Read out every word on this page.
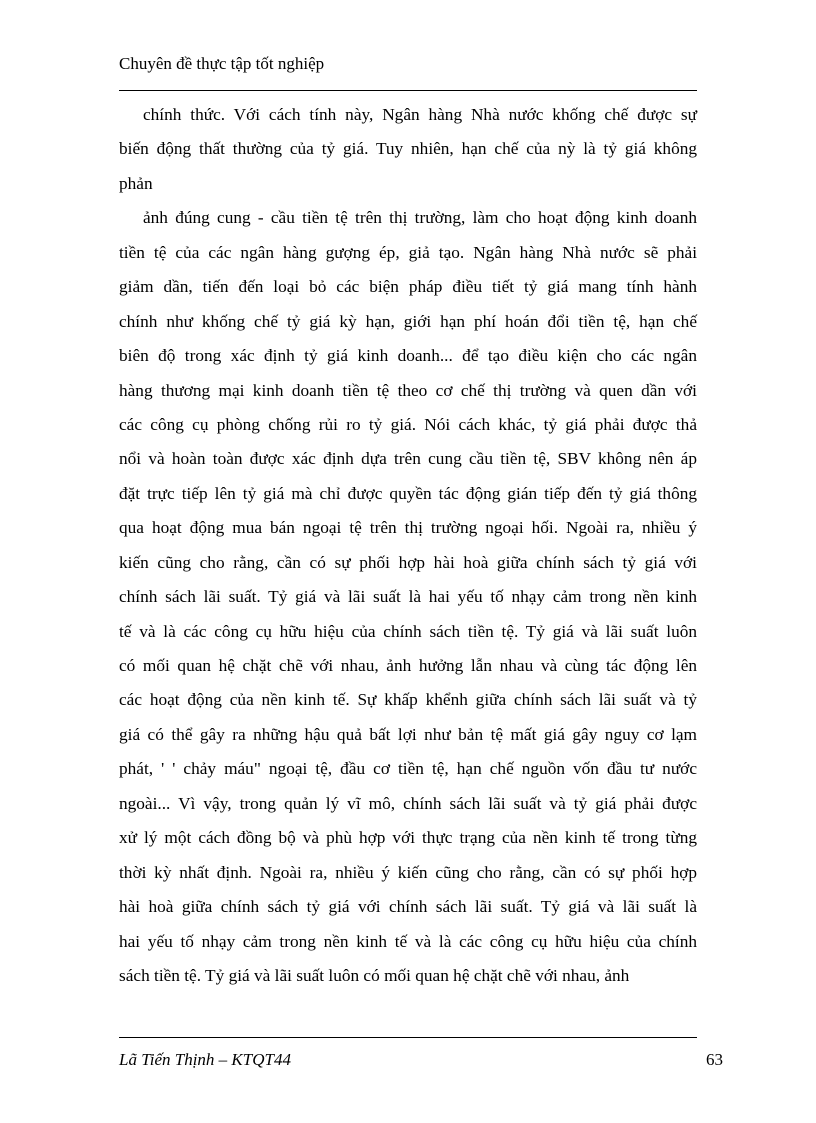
Chuyên đề thực tập tốt nghiệp
chính thức. Với cách tính này, Ngân hàng Nhà nước khống chế được sự
biến động thất thường của tỷ giá. Tuy nhiên, hạn chế của nỳ là tỷ giá không
phản
ảnh đúng cung - cầu tiền tệ trên thị trường, làm cho hoạt động kinh doanh
tiền tệ của các ngân hàng gượng ép, giả tạo. Ngân hàng Nhà nước sẽ phải
giảm dần, tiến đến loại bỏ các biện pháp điều tiết tỷ giá mang tính hành
chính như khống chế tỷ giá kỳ hạn, giới hạn phí hoán đổi tiền tệ, hạn chế
biên độ trong xác định tỷ giá kinh doanh... để tạo điều kiện cho các ngân
hàng thương mại kinh doanh tiền tệ theo cơ chế thị trường và quen dần với
các công cụ phòng chống rủi ro tỷ giá. Nói cách khác, tỷ giá phải được thả
nổi và hoàn toàn được xác định dựa trên cung cầu tiền tệ, SBV không nên áp
đặt trực tiếp lên tỷ giá mà chỉ được quyền tác động gián tiếp đến tỷ giá thông
qua hoạt động mua bán ngoại tệ trên thị trường ngoại hối. Ngoài ra, nhiều ý
kiến cũng cho rằng, cần có sự phối hợp hài hoà giữa chính sách tỷ giá với
chính sách lãi suất. Tỷ giá và lãi suất là hai yếu tố nhạy cảm trong nền kinh
tế và là các công cụ hữu hiệu của chính sách tiền tệ. Tỷ giá và lãi suất luôn
có mối quan hệ chặt chẽ với nhau, ảnh hưởng lẫn nhau và cùng tác động lên
các hoạt động của nền kinh tế. Sự khấp khểnh giữa chính sách lãi suất và tỷ
giá có thể gây ra những hậu quả bất lợi như bản tệ mất giá gây nguy cơ lạm
phát, ' ' chảy máu" ngoại tệ, đầu cơ tiền tệ, hạn chế nguồn vốn đầu tư nước
ngoài... Vì vậy, trong quản lý vĩ mô, chính sách lãi suất và tỷ giá phải được
xử lý một cách đồng bộ và phù hợp với thực trạng của nền kinh tế trong từng
thời kỳ nhất định. Ngoài ra, nhiều ý kiến cũng cho rằng, cần có sự phối hợp
hài hoà giữa chính sách tỷ giá với chính sách lãi suất. Tỷ giá và lãi suất là
hai yếu tố nhạy cảm trong nền kinh tế và là các công cụ hữu hiệu của chính
sách tiền tệ. Tỷ giá và lãi suất luôn có mối quan hệ chặt chẽ với nhau, ảnh
Lã Tiến Thịnh – KTQT44	63
